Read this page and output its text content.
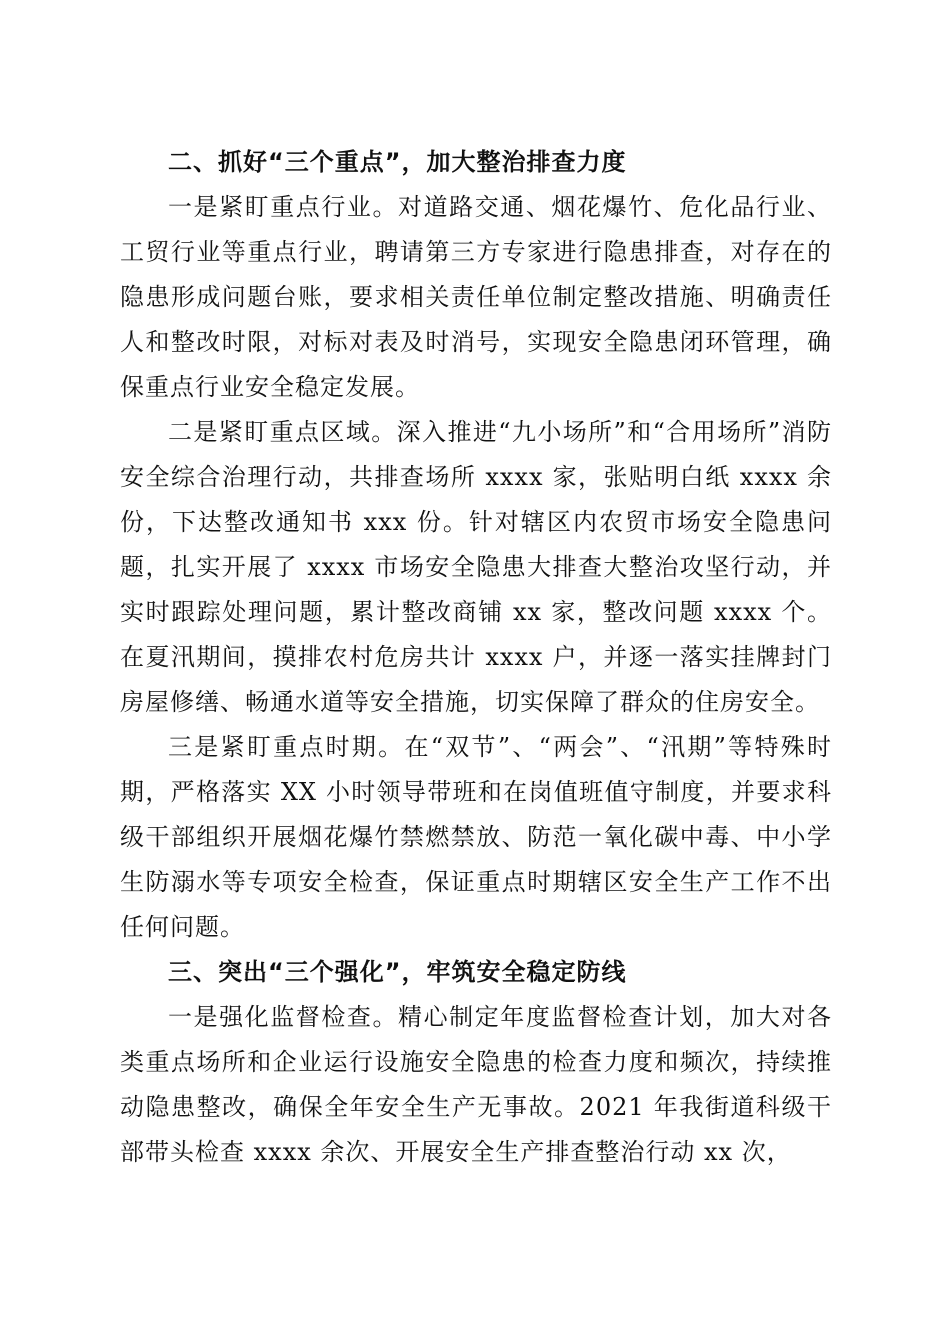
二、抓好“三个重点”，加大整治排查力度

一是紧盯重点行业。对道路交通、烟花爆竹、危化品行业、工贸行业等重点行业，聘请第三方专家进行隐患排查，对存在的隐患形成问题台账，要求相关责任单位制定整改措施、明确责任人和整改时限，对标对表及时消号，实现安全隐患闭环管理，确保重点行业安全稳定发展。

二是紧盯重点区域。深入推进“九小场所”和“合用场所”消防安全综合治理行动，共排查场所 xxxx 家，张贴明白纸 xxxx 余份，下达整改通知书 xxx 份。针对辖区内农贸市场安全隐患问题，扎实开展了 xxxx 市场安全隐患大排查大整治攻坚行动，并实时跟踪处理问题，累计整改商铺 xx 家，整改问题 xxxx 个。在夏汛期间，摸排农村危房共计 xxxx 户，并逐一落实挂牌封门房屋修缮、畅通水道等安全措施，切实保障了群众的住房安全。

三是紧盯重点时期。在“双节”、“两会”、“汛期”等特殊时期，严格落实 XX 小时领导带班和在岗值班值守制度，并要求科级干部组织开展烟花爆竹禁燃禁放、防范一氧化碳中毒、中小学生防溺水等专项安全检查，保证重点时期辖区安全生产工作不出任何问题。

三、突出“三个强化”，牢筑安全稳定防线

一是强化监督检查。精心制定年度监督检查计划，加大对各类重点场所和企业运行设施安全隐患的检查力度和频次，持续推动隐患整改，确保全年安全生产无事故。2021 年我街道科级干部带头检查 xxxx 余次、开展安全生产排查整治行动 xx 次，
